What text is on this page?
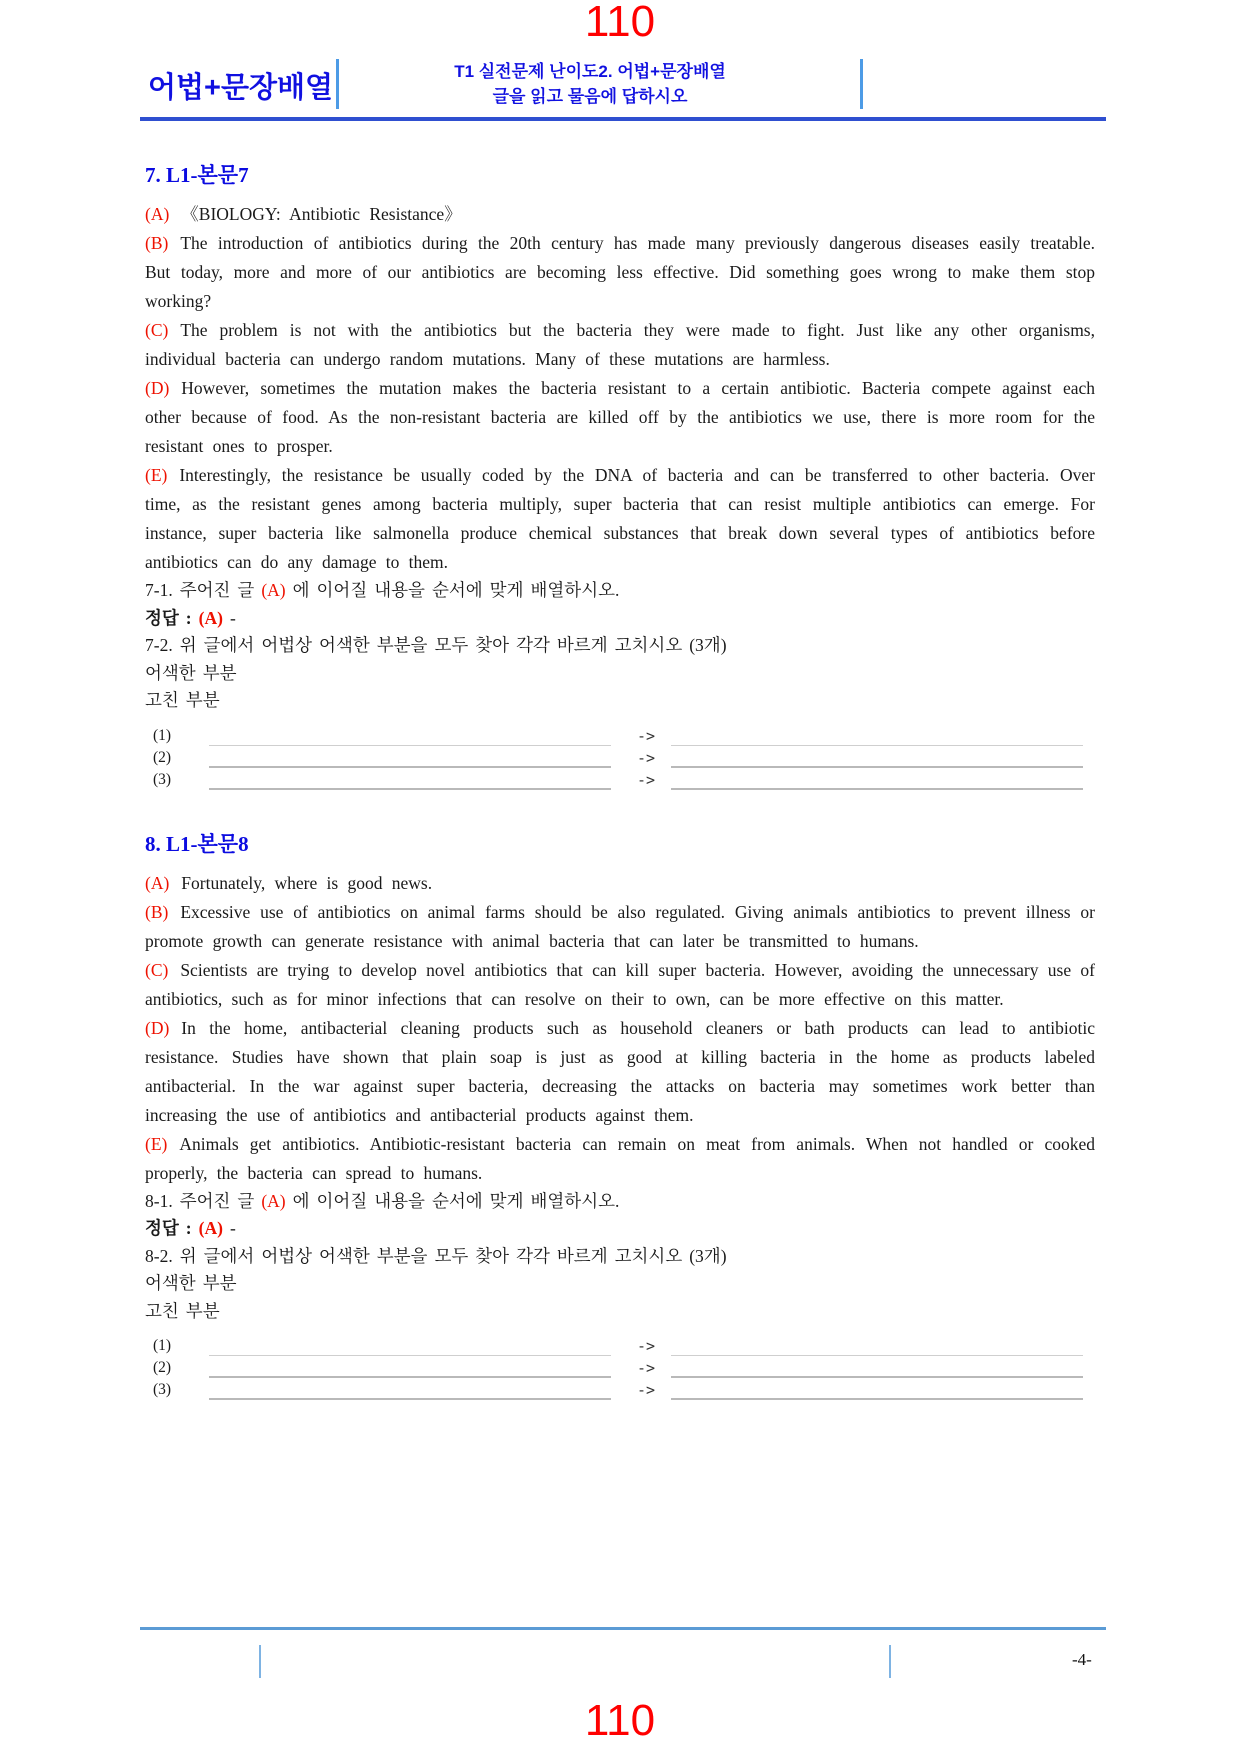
110
어법+문장배열
T1 실전문제 난이도2. 어법+문장배열
글을 읽고 물음에 답하시오
7. L1-본문7

(A) 《BIOLOGY: Antibiotic Resistance》

(B) The introduction of antibiotics during the 20th century has made many previously dangerous diseases easily treatable. But today, more and more of our antibiotics are becoming less effective. Did something goes wrong to make them stop working?

(C) The problem is not with the antibiotics but the bacteria they were made to fight. Just like any other organisms, individual bacteria can undergo random mutations. Many of these mutations are harmless.

(D) However, sometimes the mutation makes the bacteria resistant to a certain antibiotic. Bacteria compete against each other because of food. As the non-resistant bacteria are killed off by the antibiotics we use, there is more room for the resistant ones to prosper.

(E) Interestingly, the resistance be usually coded by the DNA of bacteria and can be transferred to other bacteria. Over time, as the resistant genes among bacteria multiply, super bacteria that can resist multiple antibiotics can emerge. For instance, super bacteria like salmonella produce chemical substances that break down several types of antibiotics before antibiotics can do any damage to them.

7-1. 주어진 글 (A) 에 이어질 내용을 순서에 맞게 배열하시오.

정답 : (A) -

7-2. 위 글에서 어법상 어색한 부분을 모두 찾아 각각 바르게 고치시오 (3개)

어색한 부분

고친 부분

(1)	->
(2)	->
(3)	->
8. L1-본문8

(A) Fortunately, where is good news.

(B) Excessive use of antibiotics on animal farms should be also regulated. Giving animals antibiotics to prevent illness or promote growth can generate resistance with animal bacteria that can later be transmitted to humans.

(C) Scientists are trying to develop novel antibiotics that can kill super bacteria. However, avoiding the unnecessary use of antibiotics, such as for minor infections that can resolve on their to own, can be more effective on this matter.

(D) In the home, antibacterial cleaning products such as household cleaners or bath products can lead to antibiotic resistance. Studies have shown that plain soap is just as good at killing bacteria in the home as products labeled antibacterial. In the war against super bacteria, decreasing the attacks on bacteria may sometimes work better than increasing the use of antibiotics and antibacterial products against them.

(E) Animals get antibiotics. Antibiotic-resistant bacteria can remain on meat from animals. When not handled or cooked properly, the bacteria can spread to humans.

8-1. 주어진 글 (A) 에 이어질 내용을 순서에 맞게 배열하시오.

정답 : (A) -

8-2. 위 글에서 어법상 어색한 부분을 모두 찾아 각각 바르게 고치시오 (3개)

어색한 부분

고친 부분

(1)	->
(2)	->
(3)	->
-4-
110
